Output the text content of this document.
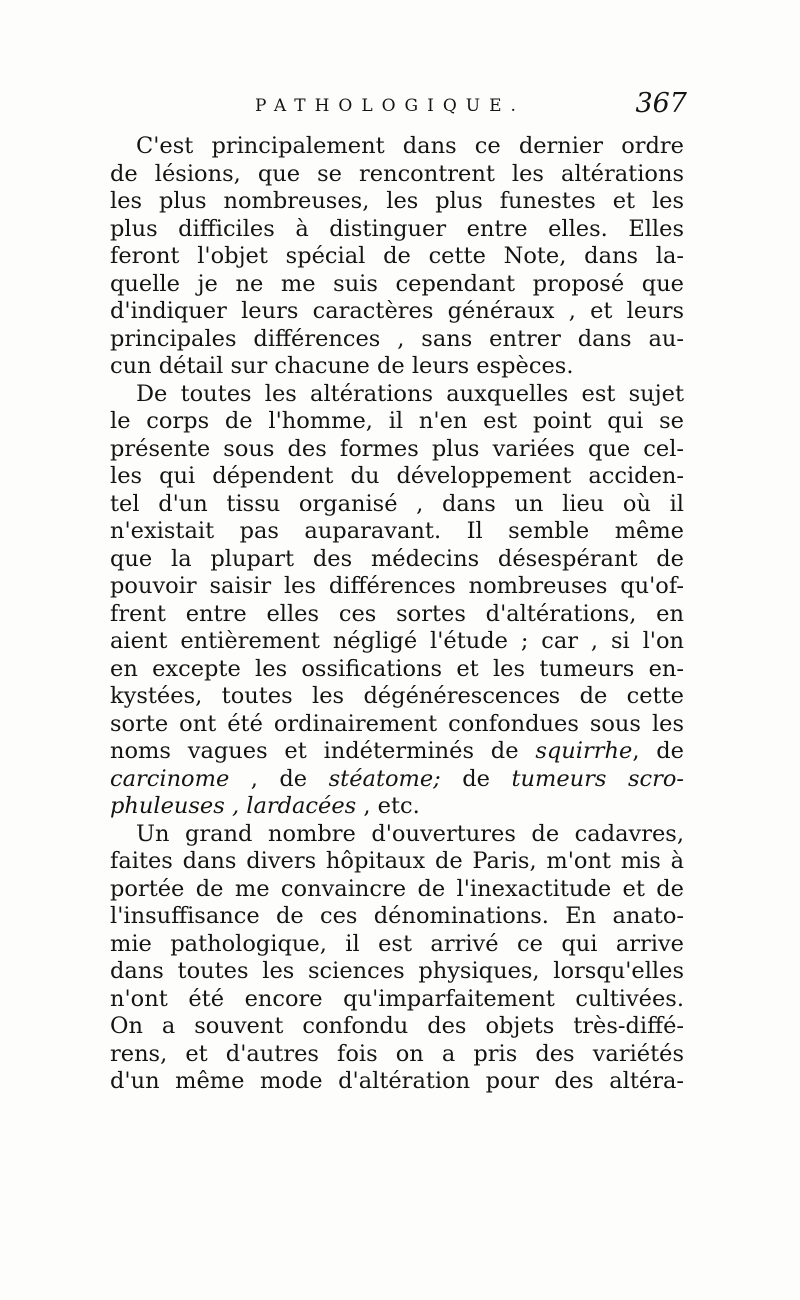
PATHOLOGIQUE.	367
C'est principalement dans ce dernier ordre
de lésions, que se rencontrent les altérations
les plus nombreuses, les plus funestes et les
plus difficiles à distinguer entre elles. Elles
feront l'objet spécial de cette Note, dans la-
quelle je ne me suis cependant proposé que
d'indiquer leurs caractères généraux , et leurs
principales différences , sans entrer dans au-
cun détail sur chacune de leurs espèces.
De toutes les altérations auxquelles est sujet
le corps de l'homme, il n'en est point qui se
présente sous des formes plus variées que cel-
les qui dépendent du développement acciden-
tel d'un tissu organisé , dans un lieu où il
n'existait pas auparavant. Il semble même
que la plupart des médecins désespérant de
pouvoir saisir les différences nombreuses qu'of-
frent entre elles ces sortes d'altérations, en
aient entièrement négligé l'étude ; car , si l'on
en excepte les ossifications et les tumeurs en-
kystées, toutes les dégénérescences de cette
sorte ont été ordinairement confondues sous les
noms vagues et indéterminés de squirrhe, de
carcinome , de stéatome; de tumeurs scro-
phuleuses , lardacées , etc.
Un grand nombre d'ouvertures de cadavres,
faites dans divers hôpitaux de Paris, m'ont mis à
portée de me convaincre de l'inexactitude et de
l'insuffisance de ces dénominations. En anato-
mie pathologique, il est arrivé ce qui arrive
dans toutes les sciences physiques, lorsqu'elles
n'ont été encore qu'imparfaitement cultivées.
On a souvent confondu des objets très-diffé-
rens, et d'autres fois on a pris des variétés
d'un même mode d'altération pour des altéra-
